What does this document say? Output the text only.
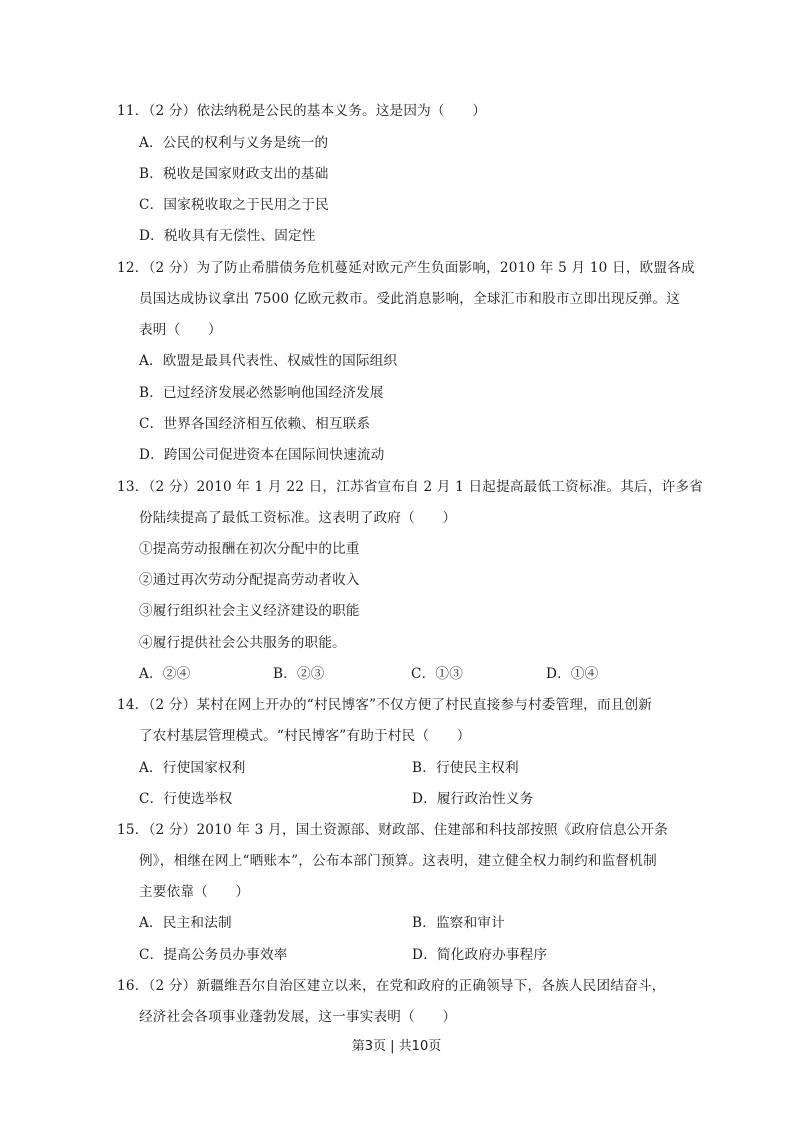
11．（2 分）依法纳税是公民的基本义务。这是因为（　　）
A．公民的权利与义务是统一的
B．税收是国家财政支出的基础
C．国家税收取之于民用之于民
D．税收具有无偿性、固定性
12．（2 分）为了防止希腊债务危机蔓延对欧元产生负面影响，2010 年 5 月 10 日，欧盟各成
员国达成协议拿出 7500 亿欧元救市。受此消息影响，全球汇市和股市立即出现反弹。这
表明（　　）
A．欧盟是最具代表性、权威性的国际组织
B．已过经济发展必然影响他国经济发展
C．世界各国经济相互依赖、相互联系
D．跨国公司促进资本在国际间快速流动
13．（2 分）2010 年 1 月 22 日，江苏省宣布自 2 月 1 日起提高最低工资标准。其后，许多省
份陆续提高了最低工资标准。这表明了政府（　　）
①提高劳动报酬在初次分配中的比重
②通过再次劳动分配提高劳动者收入
③履行组织社会主义经济建设的职能
④履行提供社会公共服务的职能。
A．②④	B．②③	C．①③	D．①④
14．（2 分）某村在网上开办的“村民博客”不仅方便了村民直接参与村委管理，而且创新
了农村基层管理模式。“村民博客”有助于村民（　　）
A．行使国家权利	B．行使民主权利
C．行使选举权	D．履行政治性义务
15．（2 分）2010 年 3 月，国土资源部、财政部、住建部和科技部按照《政府信息公开条
例》，相继在网上“晒账本”，公布本部门预算。这表明，建立健全权力制约和监督机制
主要依靠（　　）
A．民主和法制	B．监察和审计
C．提高公务员办事效率	D．简化政府办事程序
16．（2 分）新疆维吾尔自治区建立以来，在党和政府的正确领导下，各族人民团结奋斗，
经济社会各项事业蓬勃发展，这一事实表明（　　）
第3页 | 共10页
